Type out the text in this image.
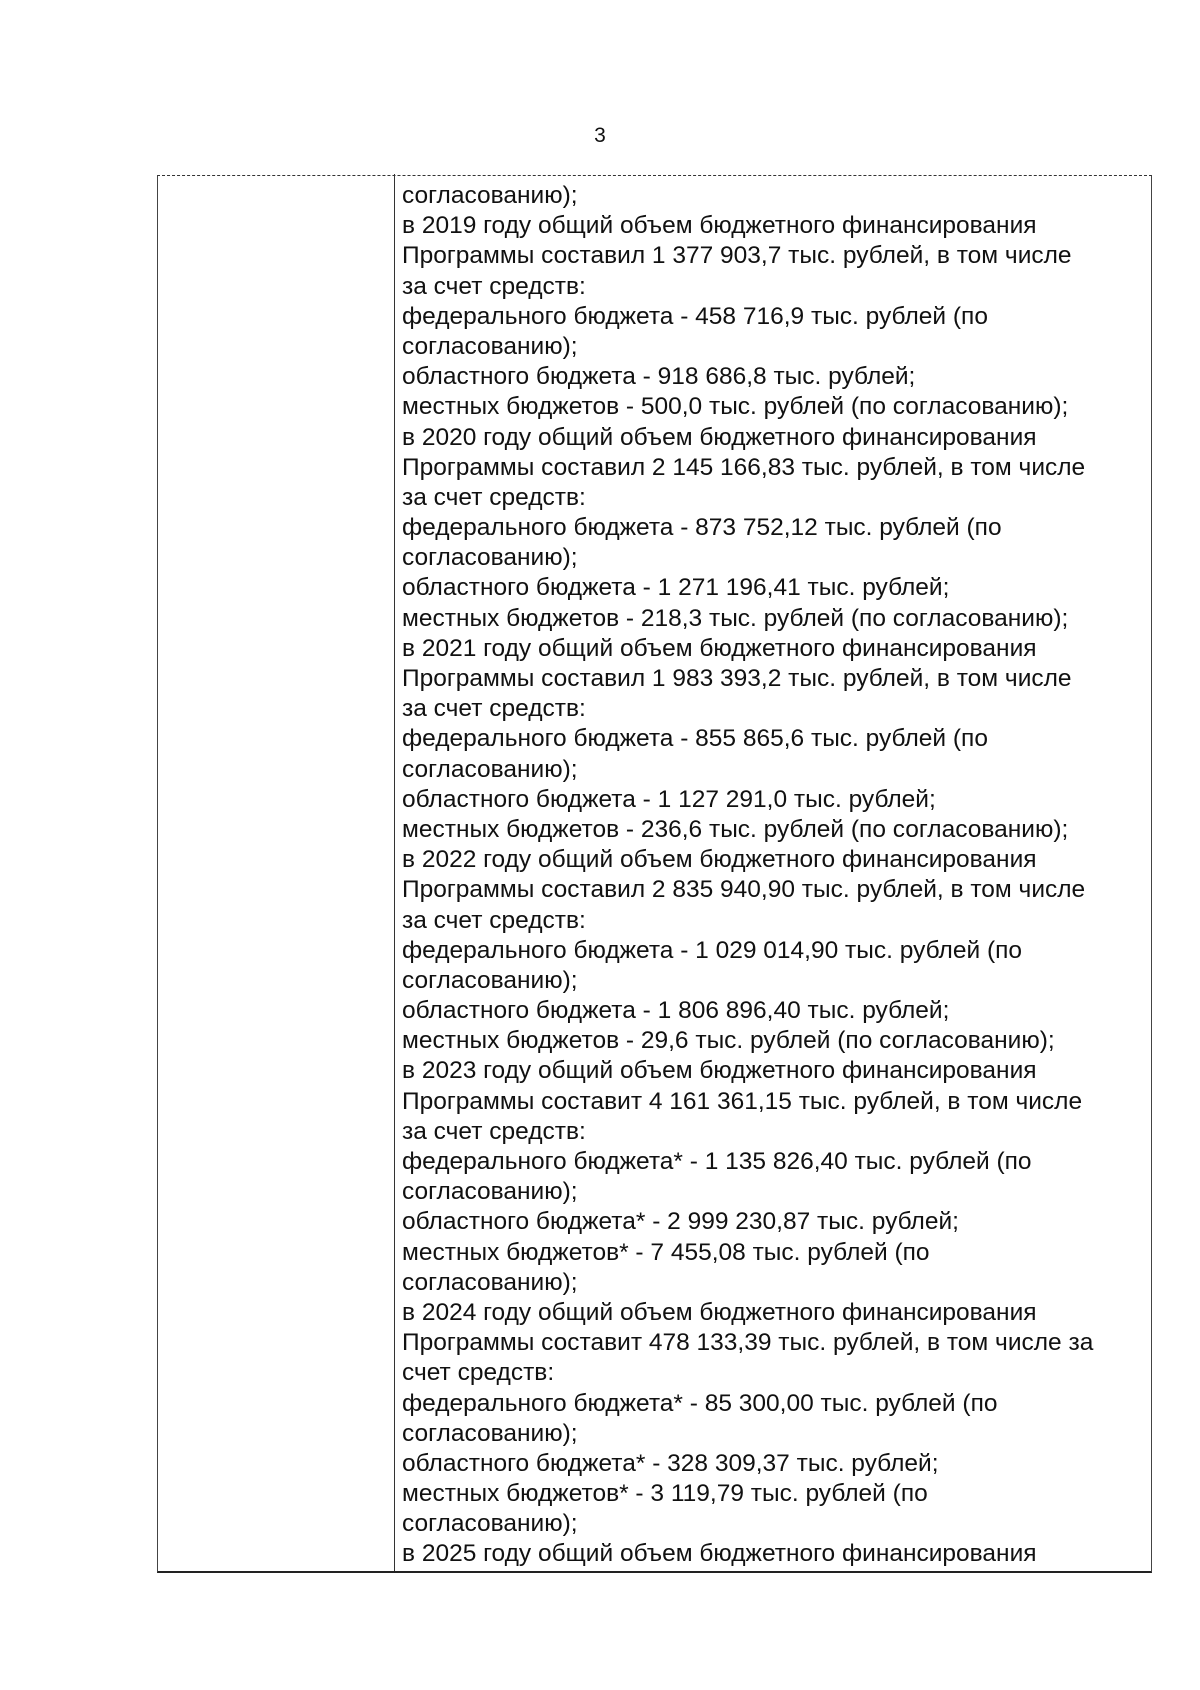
3
согласованию);
в 2019 году общий объем бюджетного финансирования
Программы составил 1 377 903,7 тыс. рублей, в том числе
за счет средств:
федерального бюджета - 458 716,9 тыс. рублей (по
согласованию);
областного бюджета - 918 686,8 тыс. рублей;
местных бюджетов - 500,0 тыс. рублей (по согласованию);
в 2020 году общий объем бюджетного финансирования
Программы составил 2 145 166,83 тыс. рублей, в том числе
за счет средств:
федерального бюджета - 873 752,12 тыс. рублей (по
согласованию);
областного бюджета - 1 271 196,41 тыс. рублей;
местных бюджетов - 218,3 тыс. рублей (по согласованию);
в 2021 году общий объем бюджетного финансирования
Программы составил 1 983 393,2 тыс. рублей, в том числе
за счет средств:
федерального бюджета - 855 865,6 тыс. рублей (по
согласованию);
областного бюджета - 1 127 291,0 тыс. рублей;
местных бюджетов - 236,6 тыс. рублей (по согласованию);
в 2022 году общий объем бюджетного финансирования
Программы составил 2 835 940,90 тыс. рублей, в том числе
за счет средств:
федерального бюджета - 1 029 014,90 тыс. рублей (по
согласованию);
областного бюджета - 1 806 896,40 тыс. рублей;
местных бюджетов - 29,6 тыс. рублей (по согласованию);
в 2023 году общий объем бюджетного финансирования
Программы составит 4 161 361,15 тыс. рублей, в том числе
за счет средств:
федерального бюджета* - 1 135 826,40 тыс. рублей (по
согласованию);
областного бюджета* - 2 999 230,87 тыс. рублей;
местных бюджетов* - 7 455,08 тыс. рублей (по
согласованию);
в 2024 году общий объем бюджетного финансирования
Программы составит 478 133,39 тыс. рублей, в том числе за
счет средств:
федерального бюджета* - 85 300,00 тыс. рублей (по
согласованию);
областного бюджета* - 328 309,37 тыс. рублей;
местных бюджетов* - 3 119,79 тыс. рублей (по
согласованию);
в 2025 году общий объем бюджетного финансирования
